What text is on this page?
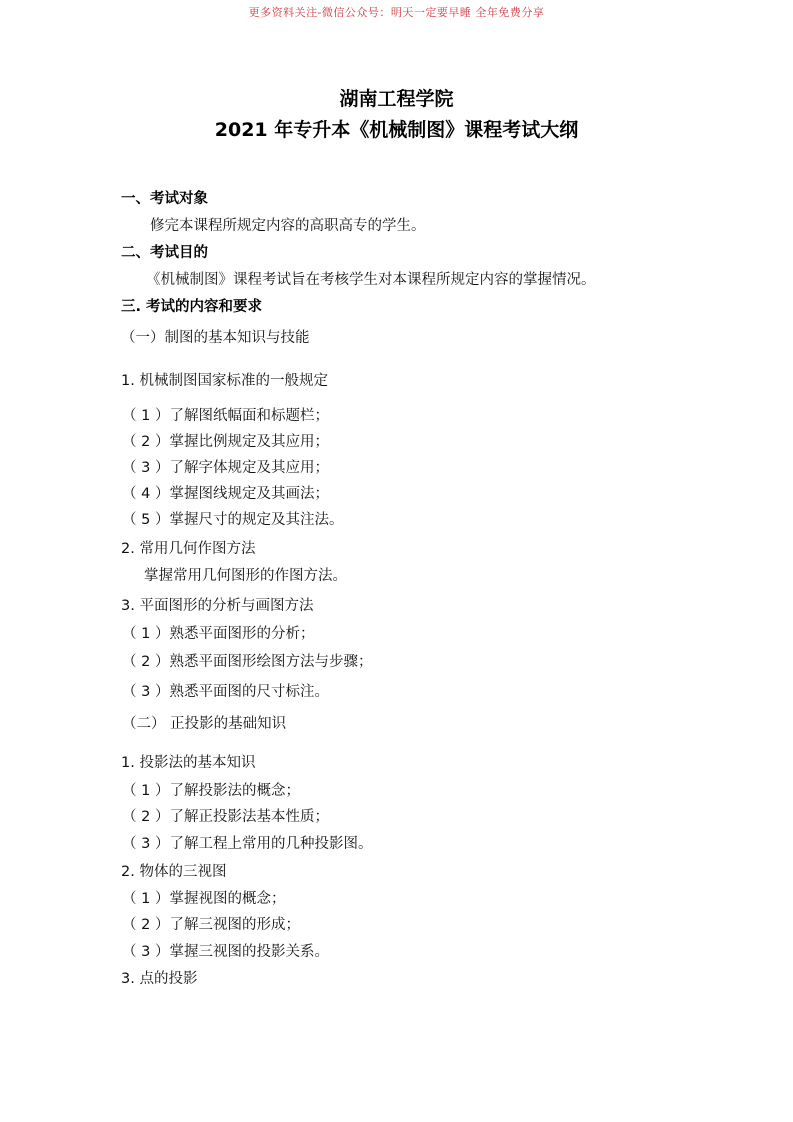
更多资料关注-微信公众号：明天一定要早睡 全年免费分享
湖南工程学院
2021 年专升本《机械制图》课程考试大纲
一、考试对象
修完本课程所规定内容的高职高专的学生。
二、考试目的
《机械制图》课程考试旨在考核学生对本课程所规定内容的掌握情况。
三. 考试的内容和要求
（一）制图的基本知识与技能
1. 机械制图国家标准的一般规定
（ 1 ）了解图纸幅面和标题栏；
（ 2 ）掌握比例规定及其应用；
（ 3 ）了解字体规定及其应用；
（ 4 ）掌握图线规定及其画法；
（ 5 ）掌握尺寸的规定及其注法。
2. 常用几何作图方法
掌握常用几何图形的作图方法。
3. 平面图形的分析与画图方法
（ 1 ）熟悉平面图形的分析；
（ 2 ）熟悉平面图形绘图方法与步骤；
（ 3 ）熟悉平面图的尺寸标注。
（二） 正投影的基础知识
1. 投影法的基本知识
（ 1 ）了解投影法的概念；
（ 2 ）了解正投影法基本性质；
（ 3 ）了解工程上常用的几种投影图。
2. 物体的三视图
（ 1 ）掌握视图的概念；
（ 2 ）了解三视图的形成；
（ 3 ）掌握三视图的投影关系。
3. 点的投影
